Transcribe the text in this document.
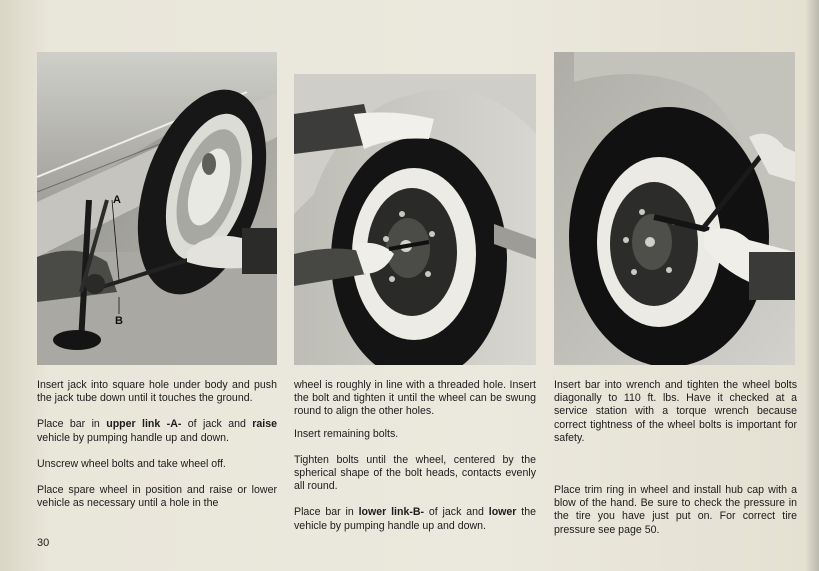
A
B

Insert jack into square hole under body and push the jack tube down until it touches the ground.

Place bar in upper link -A- of jack and raise vehicle by pumping handle up and down.

Unscrew wheel bolts and take wheel off.

Place spare wheel in position and raise or lower vehicle as necessary until a hole in the

wheel is roughly in line with a threaded hole. Insert the bolt and tighten it until the wheel can be swung round to align the other holes.

Insert remaining bolts.

Tighten bolts until the wheel, centered by the spherical shape of the bolt heads, contacts evenly all round.

Place bar in lower link-B- of jack and lower the vehicle by pumping handle up and down.

Insert bar into wrench and tighten the wheel bolts diagonally to 110 ft. lbs. Have it checked at a service station with a torque wrench because correct tightness of the wheel bolts is important for safety.

Place trim ring in wheel and install hub cap with a blow of the hand. Be sure to check the pressure in the tire you have just put on. For correct tire pressure see page 50.

30
